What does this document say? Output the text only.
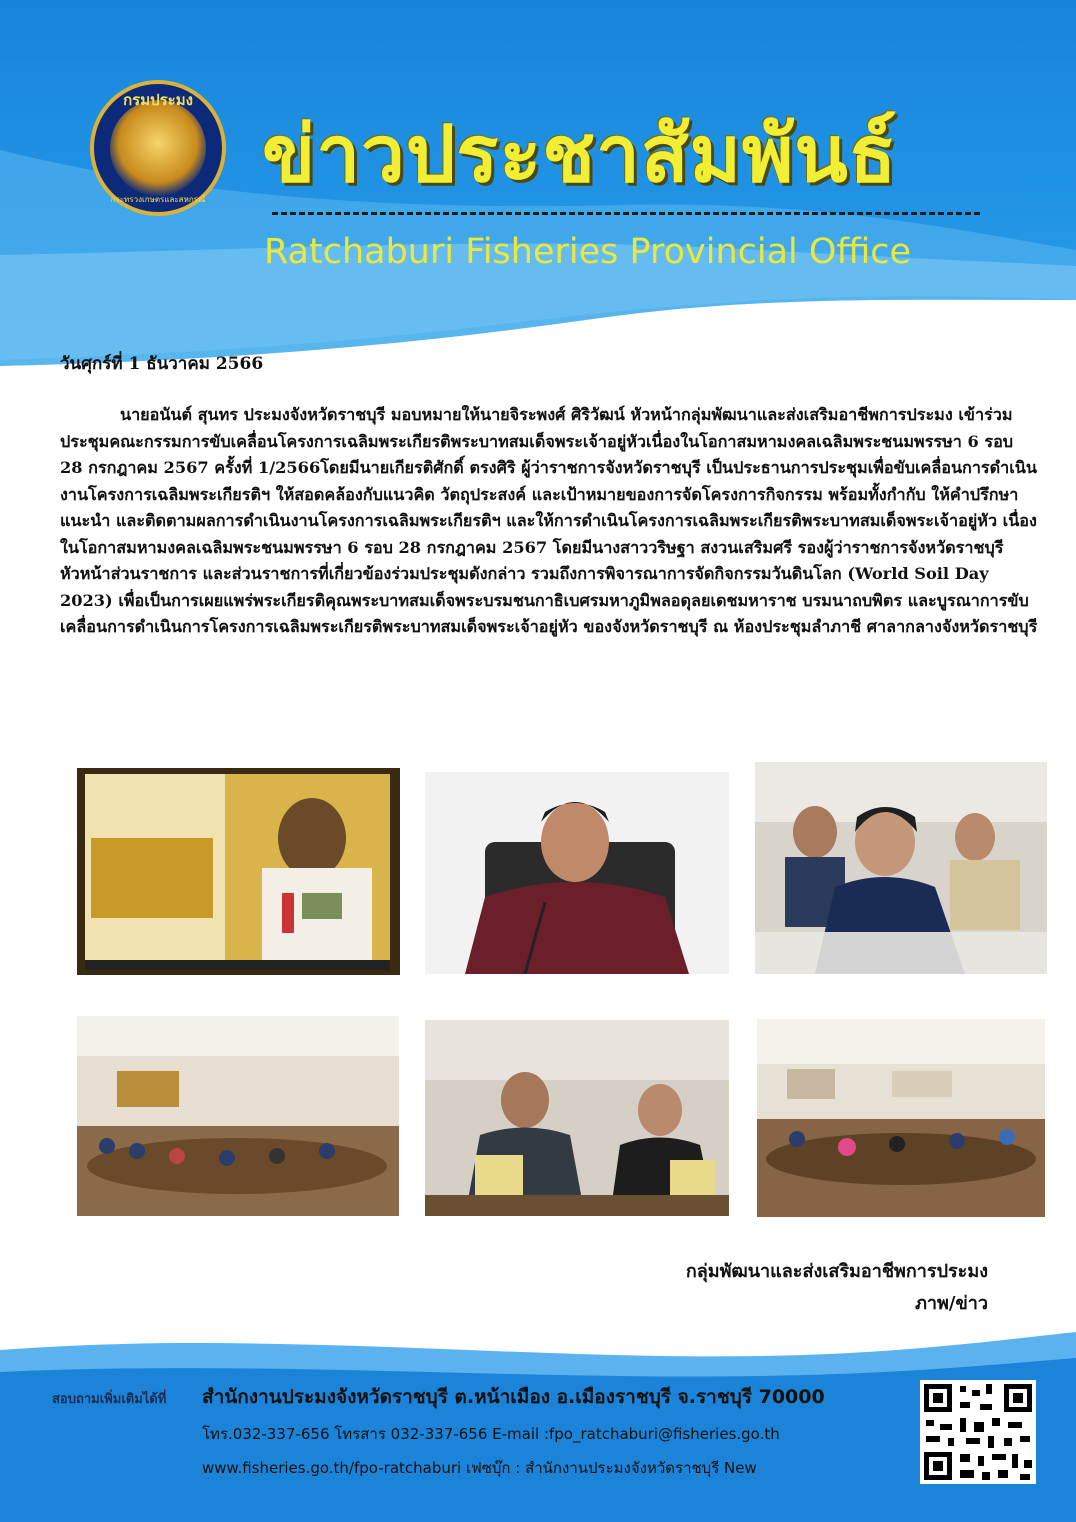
กรมประมง
กระทรวงเกษตรและสหกรณ์ ข่าวประชาสัมพันธ์
Ratchaburi Fisheries Provincial Office
วันศุกร์ที่ 1 ธันวาคม 2566
นายอนันต์ สุนทร ประมงจังหวัดราชบุรี มอบหมายให้นายจิระพงศ์ ศิริวัฒน์ หัวหน้ากลุ่มพัฒนาและส่งเสริมอาชีพการประมง เข้าร่วมประชุมคณะกรรมการขับเคลื่อนโครงการเฉลิมพระเกียรติพระบาทสมเด็จพระเจ้าอยู่หัวเนื่องในโอกาสมหามงคลเฉลิมพระชนมพรรษา 6 รอบ 28 กรกฎาคม 2567 ครั้งที่ 1/2566โดยมีนายเกียรติศักดิ์ ตรงศิริ ผู้ว่าราชการจังหวัดราชบุรี เป็นประธานการประชุมเพื่อขับเคลื่อนการดำเนินงานโครงการเฉลิมพระเกียรติฯ ให้สอดคล้องกับแนวคิด วัตถุประสงค์ และเป้าหมายของการจัดโครงการกิจกรรม พร้อมทั้งกำกับ ให้คำปรึกษา แนะนำ และติดตามผลการดำเนินงานโครงการเฉลิมพระเกียรติฯ และให้การดำเนินโครงการเฉลิมพระเกียรติพระบาทสมเด็จพระเจ้าอยู่หัว เนื่องในโอกาสมหามงคลเฉลิมพระชนมพรรษา 6 รอบ 28 กรกฎาคม 2567 โดยมีนางสาววริษฐา สงวนเสริมศรี รองผู้ว่าราชการจังหวัดราชบุรี หัวหน้าส่วนราชการ และส่วนราชการที่เกี่ยวข้องร่วมประชุมดังกล่าว รวมถึงการพิจารณาการจัดกิจกรรมวันดินโลก (World Soil Day 2023) เพื่อเป็นการเผยแพร่พระเกียรติคุณพระบาทสมเด็จพระบรมชนกาธิเบศรมหาภูมิพลอดุลยเดชมหาราช บรมนาถบพิตร และบูรณาการขับเคลื่อนการดำเนินการโครงการเฉลิมพระเกียรติพระบาทสมเด็จพระเจ้าอยู่หัว ของจังหวัดราชบุรี ณ ห้องประชุมลำภาชี ศาลากลางจังหวัดราชบุรี
กลุ่มพัฒนาและส่งเสริมอาชีพการประมง
ภาพ/ข่าว
สอบถามเพิ่มเติมได้ที่ สำนักงานประมงจังหวัดราชบุรี ต.หน้าเมือง อ.เมืองราชบุรี จ.ราชบุรี 70000
โทร.032-337-656 โทรสาร 032-337-656 E-mail :fpo_ratchaburi@fisheries.go.th
www.fisheries.go.th/fpo-ratchaburi เฟซบุ๊ก : สำนักงานประมงจังหวัดราชบุรี New
